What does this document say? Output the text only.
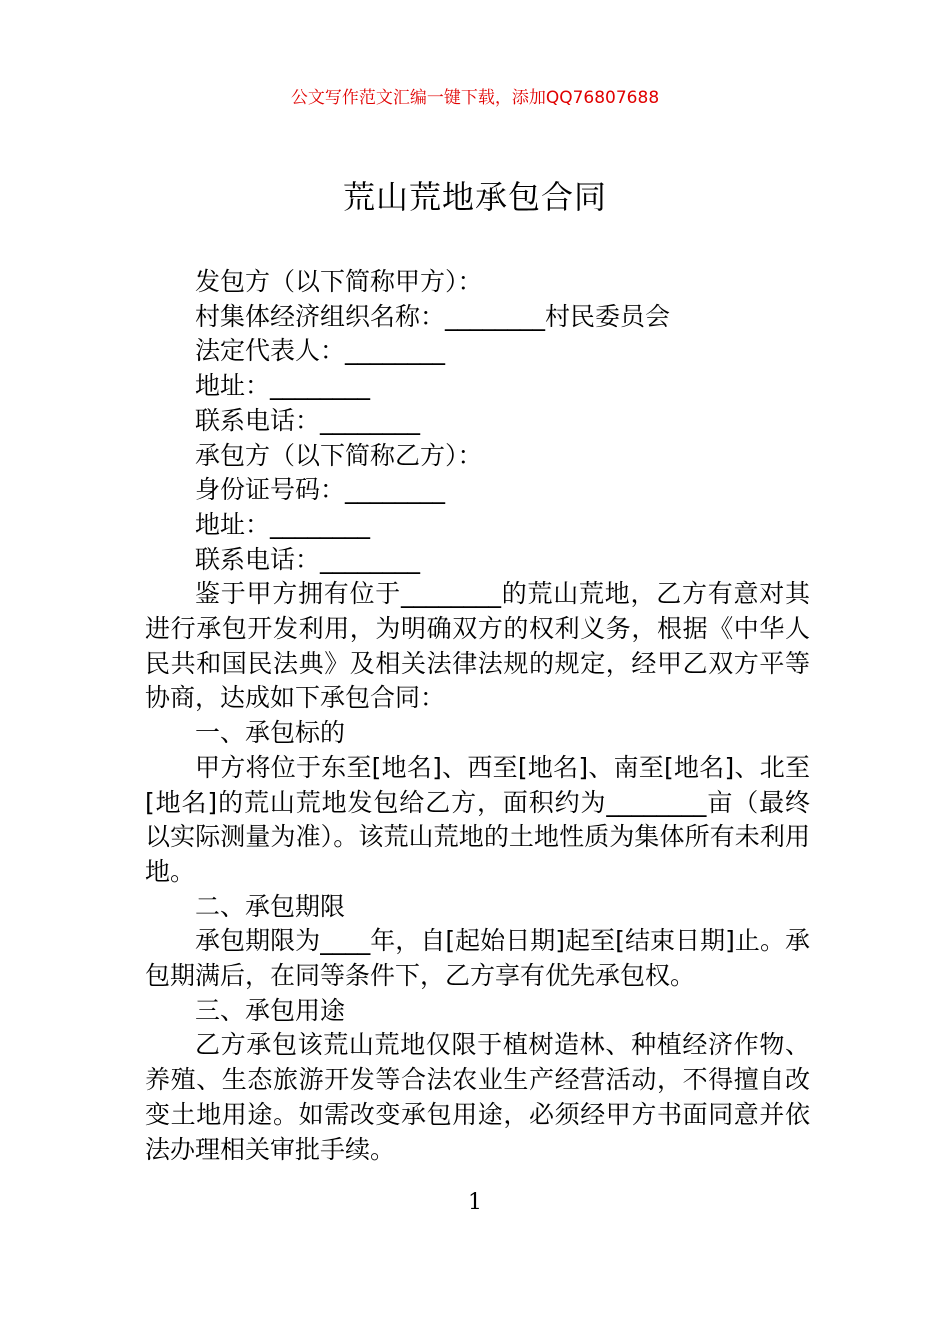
公文写作范文汇编一键下载，添加QQ76807688
荒山荒地承包合同
发包方（以下简称甲方）：
村集体经济组织名称：________村民委员会
法定代表人：________
地址：________
联系电话：________
承包方（以下简称乙方）：
身份证号码：________
地址：________
联系电话：________
鉴于甲方拥有位于________的荒山荒地，乙方有意对其进行承包开发利用，为明确双方的权利义务，根据《中华人民共和国民法典》及相关法律法规的规定，经甲乙双方平等协商，达成如下承包合同：
一、承包标的
甲方将位于东至[地名]、西至[地名]、南至[地名]、北至[地名]的荒山荒地发包给乙方，面积约为________亩（最终以实际测量为准）。该荒山荒地的土地性质为集体所有未利用地。
二、承包期限
承包期限为____年，自[起始日期]起至[结束日期]止。承包期满后，在同等条件下，乙方享有优先承包权。
三、承包用途
乙方承包该荒山荒地仅限于植树造林、种植经济作物、养殖、生态旅游开发等合法农业生产经营活动，不得擅自改变土地用途。如需改变承包用途，必须经甲方书面同意并依法办理相关审批手续。
1
